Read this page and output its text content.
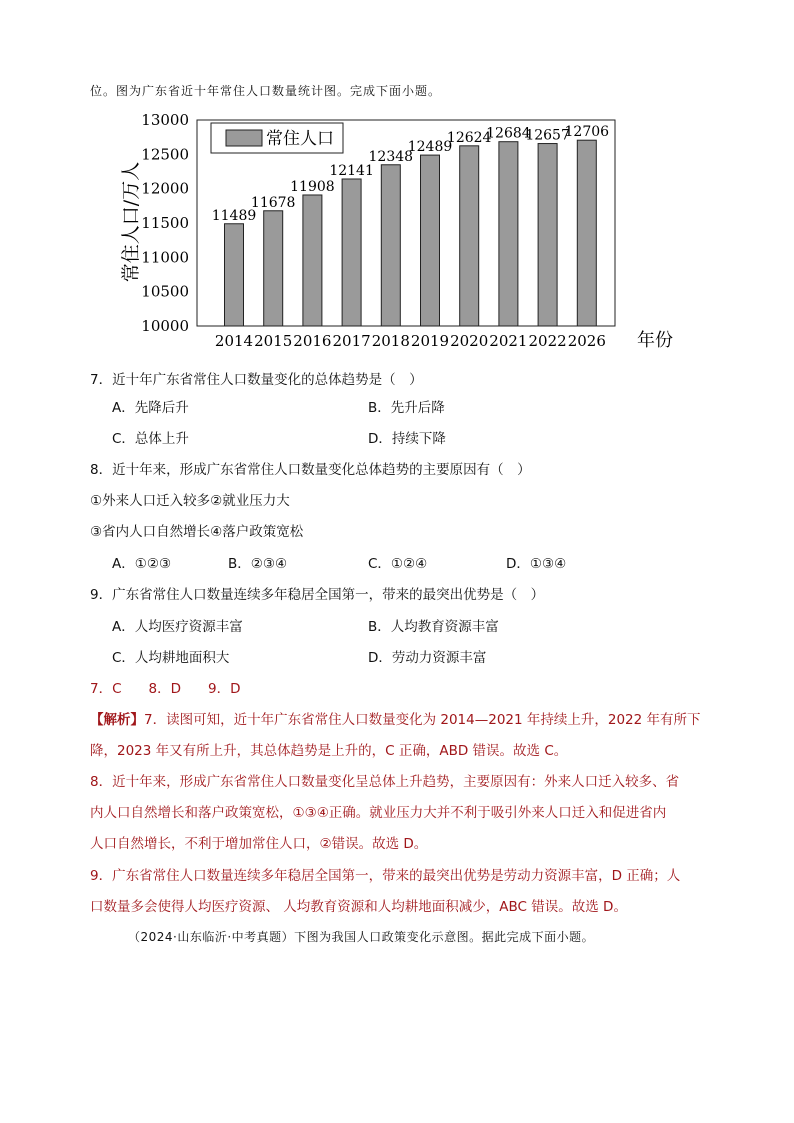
位。图为广东省近十年常住人口数量统计图。完成下面小题。
常住人口/万人
年份
常住人口
11489
11678
11908
12141
12348
12489
12624
12684
12657
12706
13000
12500
12000
11500
11000
10500
10000
2014 2015 2016 2017 2018 2019 2020 2021 2022 2026
7．近十年广东省常住人口数量变化的总体趋势是（　）
A．先降后升	B．先升后降
C．总体上升	D．持续下降
8．近十年来，形成广东省常住人口数量变化总体趋势的主要原因有（　）
①外来人口迁入较多②就业压力大
③省内人口自然增长④落户政策宽松
A．①②③	B．②③④	C．①②④	D．①③④
9．广东省常住人口数量连续多年稳居全国第一，带来的最突出优势是（　）
A．人均医疗资源丰富	B．人均教育资源丰富
C．人均耕地面积大	D．劳动力资源丰富
7．C　　8．D　　9．D
【解析】7．读图可知，近十年广东省常住人口数量变化为 2014—2021 年持续上升，2022 年有所下
降，2023 年又有所上升，其总体趋势是上升的，C 正确，ABD 错误。故选 C。
8．近十年来，形成广东省常住人口数量变化呈总体上升趋势，主要原因有：外来人口迁入较多、省
内人口自然增长和落户政策宽松，①③④正确。就业压力大并不利于吸引外来人口迁入和促进省内
人口自然增长，不利于增加常住人口，②错误。故选 D。
9．广东省常住人口数量连续多年稳居全国第一，带来的最突出优势是劳动力资源丰富，D 正确；人
口数量多会使得人均医疗资源、 人均教育资源和人均耕地面积减少，ABC 错误。故选 D。
（2024·山东临沂·中考真题）下图为我国人口政策变化示意图。据此完成下面小题。
